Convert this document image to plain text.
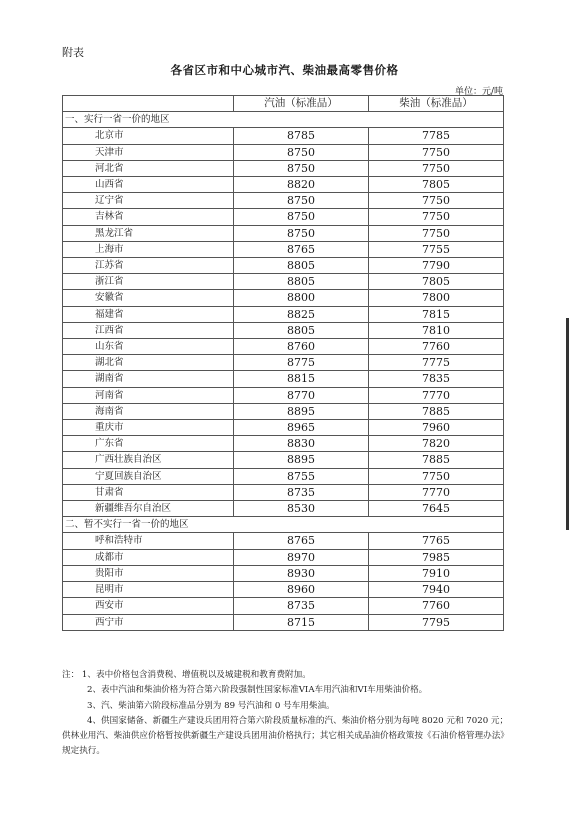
附表
各省区市和中心城市汽、柴油最高零售价格
单位：元/吨
	汽油（标准品）	柴油（标准品）
一、实行一省一价的地区		
北京市	8785	7785
天津市	8750	7750
河北省	8750	7750
山西省	8820	7805
辽宁省	8750	7750
吉林省	8750	7750
黑龙江省	8750	7750
上海市	8765	7755
江苏省	8805	7790
浙江省	8805	7805
安徽省	8800	7800
福建省	8825	7815
江西省	8805	7810
山东省	8760	7760
湖北省	8775	7775
湖南省	8815	7835
河南省	8770	7770
海南省	8895	7885
重庆市	8965	7960
广东省	8830	7820
广西壮族自治区	8895	7885
宁夏回族自治区	8755	7750
甘肃省	8735	7770
新疆维吾尔自治区	8530	7645
二、暂不实行一省一价的地区		
呼和浩特市	8765	7765
成都市	8970	7985
贵阳市	8930	7910
昆明市	8960	7940
西安市	8735	7760
西宁市	8715	7795

注： 1、表中价格包含消费税、增值税以及城建税和教育费附加。

2、表中汽油和柴油价格为符合第六阶段强制性国家标准VIA车用汽油和VI车用柴油价格。

3、汽、柴油第六阶段标准品分别为 89 号汽油和 0 号车用柴油。

4、供国家储备、新疆生产建设兵团用符合第六阶段质量标准的汽、柴油价格分别为每吨 8020 元和 7020 元；供林业用汽、柴油供应价格暂按供新疆生产建设兵团用油价格执行；其它相关成品油价格政策按《石油价格管理办法》规定执行。
